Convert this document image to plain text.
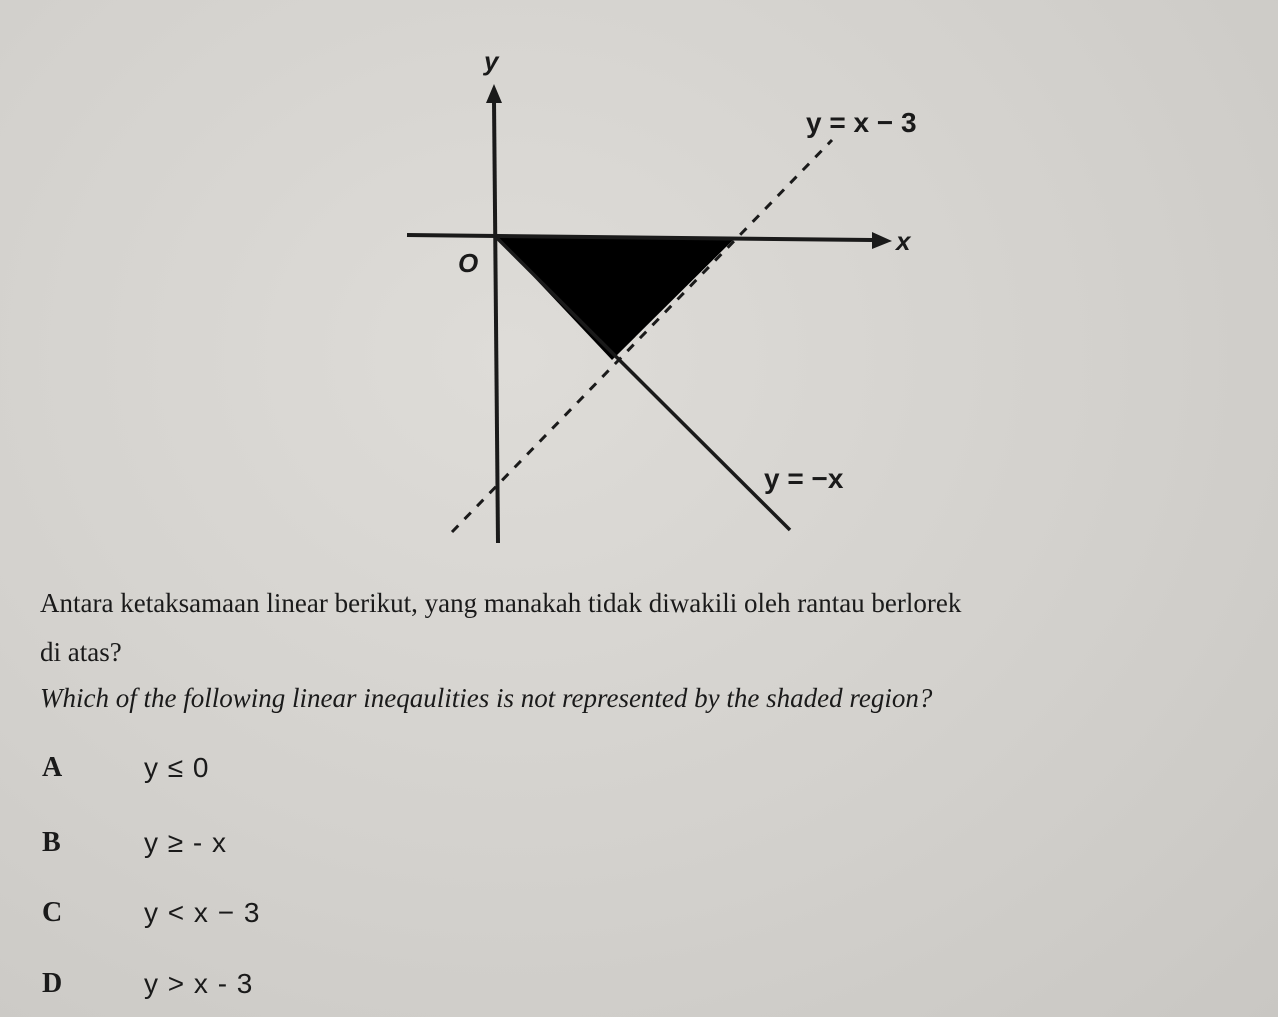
y
x
O
y = x − 3
y = −x
Antara ketaksamaan linear berikut, yang manakah tidak diwakili oleh rantau berlorek
di atas?
Which of the following linear ineqaulities is not represented by the shaded region?
A	y ≤ 0
B	y ≥ - x
C	y < x − 3
D	y > x - 3
